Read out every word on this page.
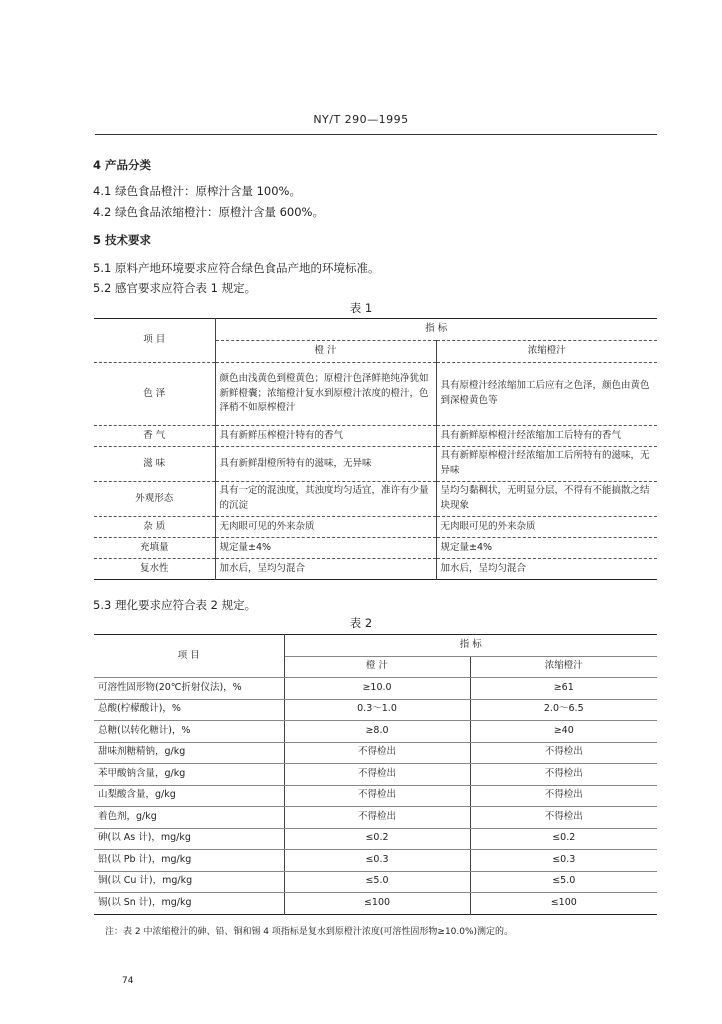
NY/T 290—1995
4 产品分类
4.1 绿色食品橙汁：原榨汁含量 100%。
4.2 绿色食品浓缩橙汁：原橙汁含量 600%。
5 技术要求
5.1 原料产地环境要求应符合绿色食品产地的环境标准。
5.2 感官要求应符合表 1 规定。
表 1
项 目	指 标	
	橙 汁	浓缩橙汁
色 泽	颜色由浅黄色到橙黄色；原橙汁色泽鲜艳纯净犹如新鲜橙囊；浓缩橙汁复水到原橙汁浓度的橙汁，色泽稍不如原榨橙汁	具有原橙汁经浓缩加工后应有之色泽，颜色由黄色到深橙黄色等
香 气	具有新鲜压榨橙汁特有的香气	具有新鲜原榨橙汁经浓缩加工后特有的香气
滋 味	具有新鲜甜橙所特有的滋味，无异味	具有新鲜原榨橙汁经浓缩加工后所特有的滋味，无异味
外观形态	具有一定的混浊度，其浊度均匀适宜，准许有少量的沉淀	呈均匀黏稠状，无明显分层，不得有不能搞散之结块现象
杂 质	无肉眼可见的外来杂质	无肉眼可见的外来杂质
充填量	规定量±4%	规定量±4%
复水性	加水后，呈均匀混合	加水后，呈均匀混合
5.3 理化要求应符合表 2 规定。
表 2
项 目	指 标	
	橙 汁	浓缩橙汁
可溶性固形物(20℃折射仪法)，%	≥10.0	≥61
总酸(柠檬酸计)，%	0.3～1.0	2.0～6.5
总糖(以转化糖计)，%	≥8.0	≥40
甜味剂糖精钠，g/kg	不得检出	不得检出
苯甲酸钠含量，g/kg	不得检出	不得检出
山梨酸含量，g/kg	不得检出	不得检出
着色剂，g/kg	不得检出	不得检出
砷(以 As 计)，mg/kg	≤0.2	≤0.2
铅(以 Pb 计)，mg/kg	≤0.3	≤0.3
铜(以 Cu 计)，mg/kg	≤5.0	≤5.0
锡(以 Sn 计)，mg/kg	≤100	≤100
注：表 2 中浓缩橙汁的砷、铅、铜和锡 4 项指标是复水到原橙汁浓度(可溶性固形物≥10.0%)测定的。
74
